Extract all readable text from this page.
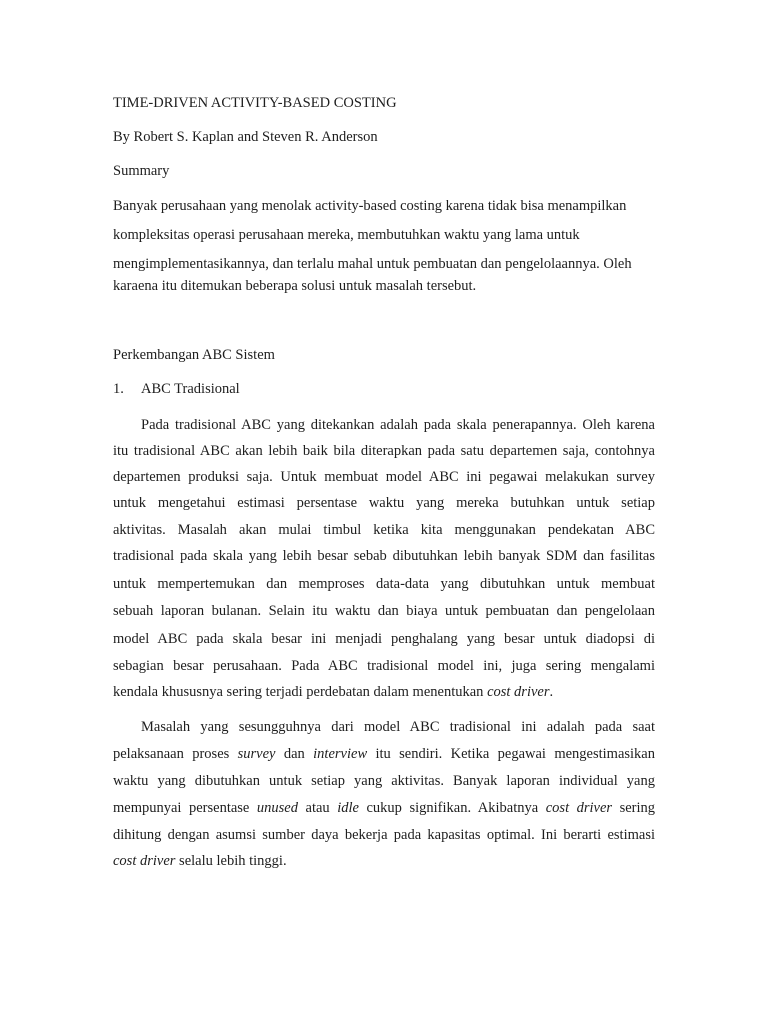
TIME-DRIVEN ACTIVITY-BASED COSTING
By Robert S. Kaplan and Steven R. Anderson
Summary
Banyak perusahaan yang menolak activity-based costing karena tidak bisa menampilkan
kompleksitas operasi perusahaan mereka, membutuhkan waktu yang lama untuk
mengimplementasikannya, dan terlalu mahal untuk pembuatan dan pengelolaannya. Oleh
karaena itu ditemukan beberapa solusi untuk masalah tersebut.
Perkembangan ABC Sistem
1. ABC Tradisional
Pada tradisional ABC yang ditekankan adalah pada skala penerapannya. Oleh karena
itu tradisional ABC akan lebih baik bila diterapkan pada satu departemen saja, contohnya
departemen produksi saja. Untuk membuat model ABC ini pegawai melakukan survey
untuk mengetahui estimasi persentase waktu yang mereka butuhkan untuk setiap
aktivitas. Masalah akan mulai timbul ketika kita menggunakan pendekatan ABC
tradisional pada skala yang lebih besar sebab dibutuhkan lebih banyak SDM dan fasilitas
untuk mempertemukan dan memproses data-data yang dibutuhkan untuk membuat
sebuah laporan bulanan. Selain itu waktu dan biaya untuk pembuatan dan pengelolaan
model ABC pada skala besar ini menjadi penghalang yang besar untuk diadopsi di
sebagian besar perusahaan. Pada ABC tradisional model ini, juga sering mengalami
kendala khususnya sering terjadi perdebatan dalam menentukan cost driver.
Masalah yang sesungguhnya dari model ABC tradisional ini adalah pada saat
pelaksanaan proses survey dan interview itu sendiri. Ketika pegawai mengestimasikan
waktu yang dibutuhkan untuk setiap yang aktivitas. Banyak laporan individual yang
mempunyai persentase unused atau idle cukup signifikan. Akibatnya cost driver sering
dihitung dengan asumsi sumber daya bekerja pada kapasitas optimal. Ini berarti estimasi
cost driver selalu lebih tinggi.
